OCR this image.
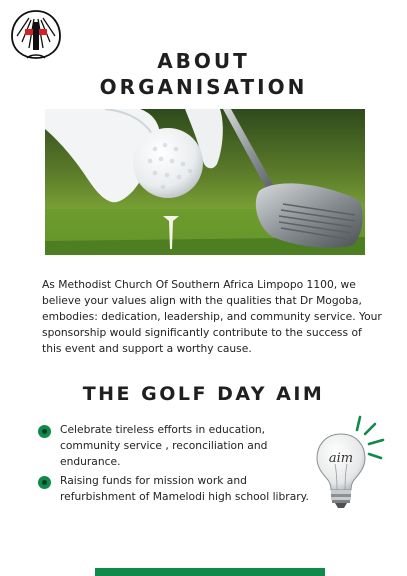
ABOUT
ORGANISATION
As Methodist Church Of Southern Africa Limpopo 1100, we believe your values align with the qualities that Dr Mogoba, embodies: dedication, leadership, and community service. Your sponsorship would significantly contribute to the success of this event and support a worthy cause.
THE GOLF DAY AIM
Celebrate tireless efforts in education, community service , reconciliation and endurance.
Raising funds for mission work and refurbishment of Mamelodi high school library.
aim
